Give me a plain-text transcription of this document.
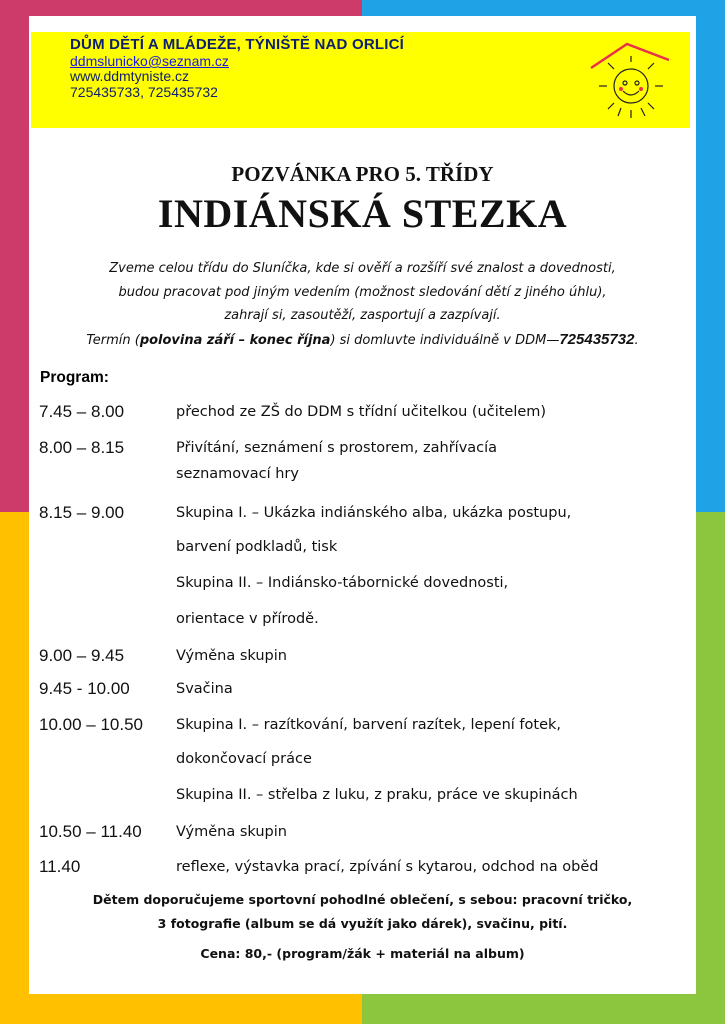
DŮM DĚTÍ A MLÁDEŽE, TÝNIŠTĚ NAD ORLICÍ

ddmslunicko@seznam.cz

www.ddmtyniste.cz

725435733, 725435732

POZVÁNKA PRO 5. TŘÍDY

INDIÁNSKÁ STEZKA

Zveme celou třídu do Sluníčka, kde si ověří a rozšíří své znalost a dovednosti,

budou pracovat pod jiným vedením (možnost sledování dětí z jiného úhlu),

zahrají si, zasoutěží, zasportují a zazpívají.

Termín (polovina září – konec října) si domluvte individuálně v DDM—725435732.

Program:

7.45 – 8.00	přechod ze ZŠ do DDM s třídní učitelkou (učitelem)
8.00 – 8.15	Přivítání, seznámení s prostorem, zahřívacía
seznamovací hry
8.15 – 9.00	Skupina I. – Ukázka indiánského alba, ukázka postupu,
barvení podkladů, tisk
Skupina II. – Indiánsko-tábornické dovednosti,
orientace v přírodě.
9.00 – 9.45	Výměna skupin
9.45 - 10.00	Svačina
10.00 – 10.50 Skupina I. – razítkování, barvení razítek, lepení fotek,
dokončovací práce
Skupina II. – střelba z luku, z praku, práce ve skupinách
10.50 – 11.40 Výměna skupin
11.40	reflexe, výstavka prací, zpívání s kytarou, odchod na oběd

Dětem doporučujeme sportovní pohodlné oblečení, s sebou: pracovní tričko,
3 fotografie (album se dá využít jako dárek), svačinu, pití.

Cena: 80,- (program/žák + materiál na album)
